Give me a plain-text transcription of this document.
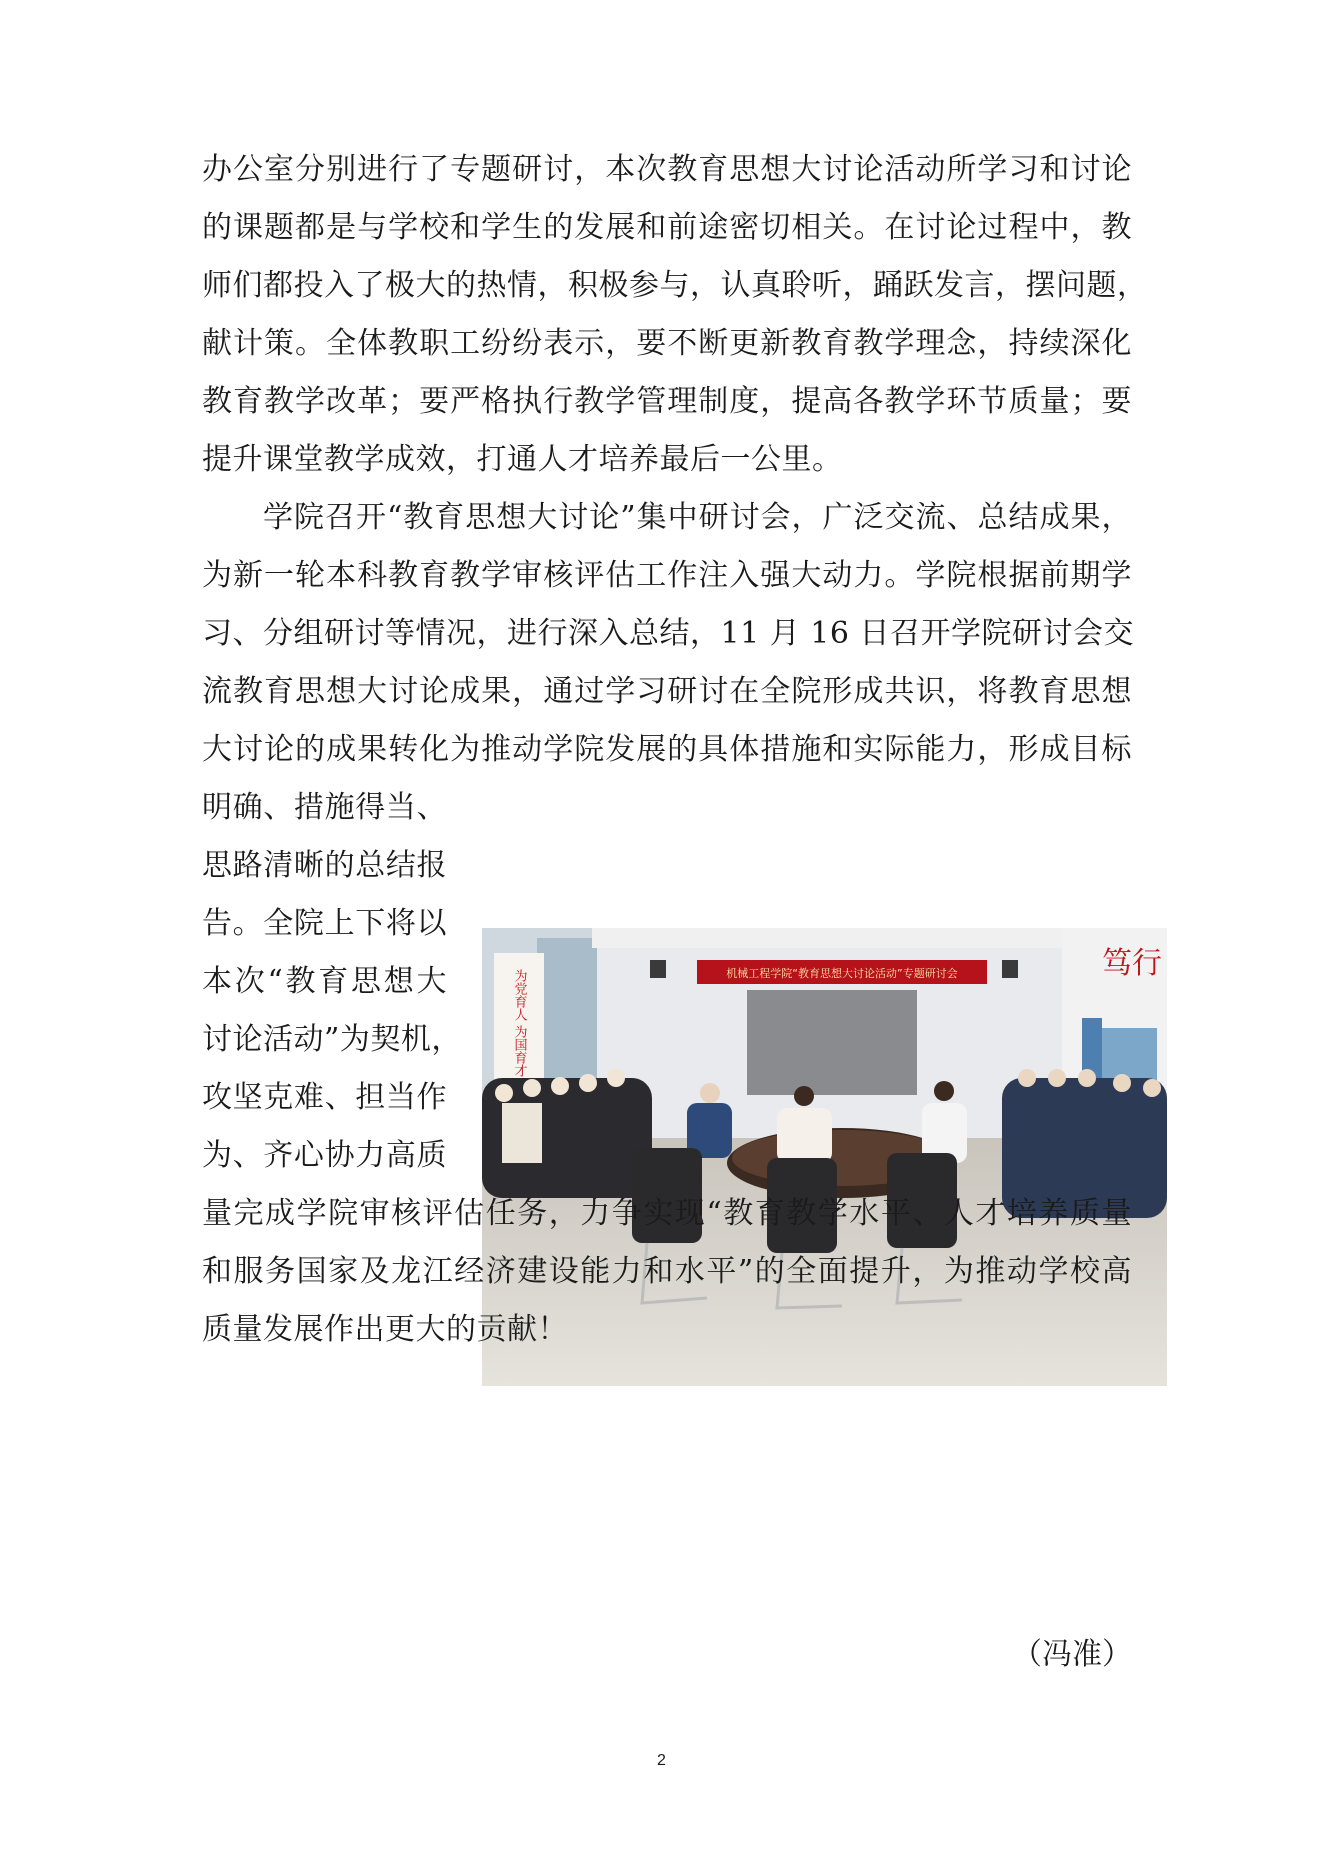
办公室分别进行了专题研讨，本次教育思想大讨论活动所学习和讨论
的课题都是与学校和学生的发展和前途密切相关。在讨论过程中，教
师们都投入了极大的热情，积极参与，认真聆听，踊跃发言，摆问题，
献计策。全体教职工纷纷表示，要不断更新教育教学理念，持续深化
教育教学改革；要严格执行教学管理制度，提高各教学环节质量；要
提升课堂教学成效，打通人才培养最后一公里。
学院召开“教育思想大讨论”集中研讨会，广泛交流、总结成果，
为新一轮本科教育教学审核评估工作注入强大动力。学院根据前期学
习、分组研讨等情况，进行深入总结，11 月 16 日召开学院研讨会交
流教育思想大讨论成果，通过学习研讨在全院形成共识，将教育思想
大讨论的成果转化为推动学院发展的具体措施和实际能力，形成目标
明确、措施得当、
思路清晰的总结报
告。全院上下将以
本次“教育思想大
讨论活动”为契机，
攻坚克难、担当作
为、齐心协力高质
机械工程学院“教育思想大讨论活动”专题研讨会
为党育人 为国育才
笃行
量完成学院审核评估任务，力争实现“教育教学水平、人才培养质量
和服务国家及龙江经济建设能力和水平”的全面提升，为推动学校高
质量发展作出更大的贡献！
（冯准）
2
